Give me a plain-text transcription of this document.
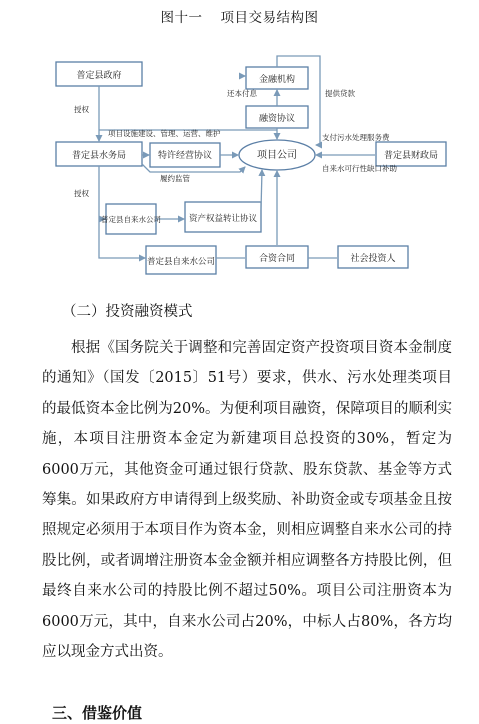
图十一 项目交易结构图
普定县政府
普定县水务局
普定县自来水公司
金融机构
融资协议
项目公司
特许经营协议
资产权益转让协议
普定县财政局
合资合同	社会投资人
普定县自来水公司
授权
授权
还本付息	提供贷款
项目设施建设、管理、运营、维护
履约监管
支付污水处理服务费
自来水可行性缺口补助
（二）投资融资模式

根据《国务院关于调整和完善固定资产投资项目资本金制度的通知》（国发〔2015〕51号）要求，供水、污水处理类项目的最低资本金比例为20%。为便利项目融资，保障项目的顺利实施，本项目注册资本金定为新建项目总投资的30%，暂定为6000万元，其他资金可通过银行贷款、股东贷款、基金等方式筹集。如果政府方申请得到上级奖励、补助资金或专项基金且按照规定必须用于本项目作为资本金，则相应调整自来水公司的持股比例，或者调增注册资本金金额并相应调整各方持股比例，但最终自来水公司的持股比例不超过50%。项目公司注册资本为6000万元，其中，自来水公司占20%，中标人占80%，各方均应以现金方式出资。

三、借鉴价值
